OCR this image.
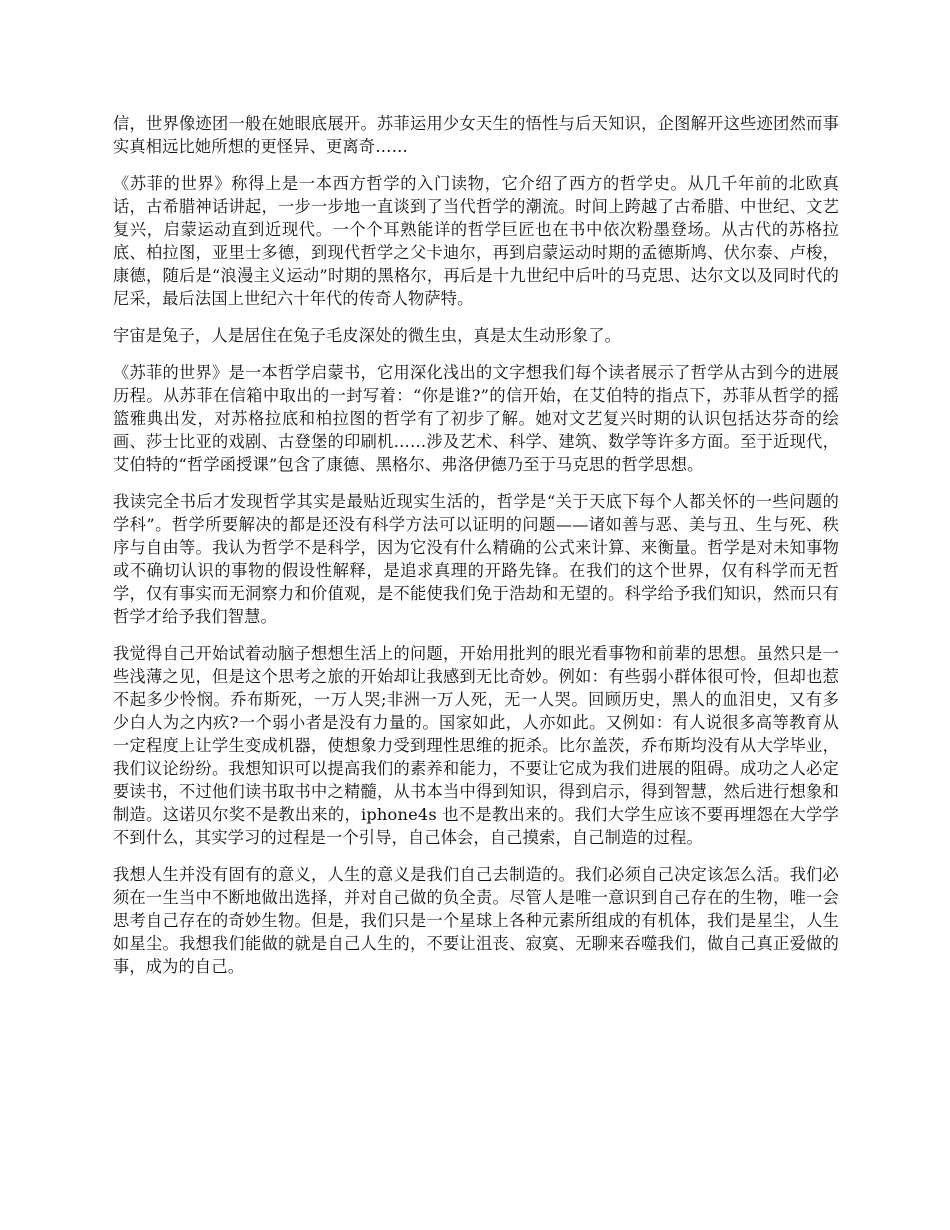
信，世界像迹团一般在她眼底展开。苏菲运用少女天生的悟性与后天知识，企图解开这些迹团然而事实真相远比她所想的更怪异、更离奇……

《苏菲的世界》称得上是一本西方哲学的入门读物，它介绍了西方的哲学史。从几千年前的北欧真话，古希腊神话讲起，一步一步地一直谈到了当代哲学的潮流。时间上跨越了古希腊、中世纪、文艺复兴，启蒙运动直到近现代。一个个耳熟能详的哲学巨匠也在书中依次粉墨登场。从古代的苏格拉底、柏拉图，亚里士多德，到现代哲学之父卡迪尔，再到启蒙运动时期的孟德斯鸠、伏尔泰、卢梭，康德，随后是“浪漫主义运动”时期的黑格尔，再后是十九世纪中后叶的马克思、达尔文以及同时代的尼采，最后法国上世纪六十年代的传奇人物萨特。

宇宙是兔子，人是居住在兔子毛皮深处的微生虫，真是太生动形象了。

《苏菲的世界》是一本哲学启蒙书，它用深化浅出的文字想我们每个读者展示了哲学从古到今的进展历程。从苏菲在信箱中取出的一封写着：“你是谁?”的信开始，在艾伯特的指点下，苏菲从哲学的摇篮雅典出发，对苏格拉底和柏拉图的哲学有了初步了解。她对文艺复兴时期的认识包括达芬奇的绘画、莎士比亚的戏剧、古登堡的印刷机……涉及艺术、科学、建筑、数学等许多方面。至于近现代，艾伯特的“哲学函授课”包含了康德、黑格尔、弗洛伊德乃至于马克思的哲学思想。

我读完全书后才发现哲学其实是最贴近现实生活的，哲学是“关于天底下每个人都关怀的一些问题的学科”。哲学所要解决的都是还没有科学方法可以证明的问题——诸如善与恶、美与丑、生与死、秩序与自由等。我认为哲学不是科学，因为它没有什么精确的公式来计算、来衡量。哲学是对未知事物或不确切认识的事物的假设性解释，是追求真理的开路先锋。在我们的这个世界，仅有科学而无哲学，仅有事实而无洞察力和价值观，是不能使我们免于浩劫和无望的。科学给予我们知识，然而只有哲学才给予我们智慧。

我觉得自己开始试着动脑子想想生活上的问题，开始用批判的眼光看事物和前辈的思想。虽然只是一些浅薄之见，但是这个思考之旅的开始却让我感到无比奇妙。例如：有些弱小群体很可怜，但却也惹不起多少怜悯。乔布斯死，一万人哭;非洲一万人死，无一人哭。回顾历史，黑人的血泪史，又有多少白人为之内疚?一个弱小者是没有力量的。国家如此，人亦如此。又例如：有人说很多高等教育从一定程度上让学生变成机器，使想象力受到理性思维的扼杀。比尔盖茨，乔布斯均没有从大学毕业，我们议论纷纷。我想知识可以提高我们的素养和能力，不要让它成为我们进展的阻碍。成功之人必定要读书，不过他们读书取书中之精髓，从书本当中得到知识，得到启示，得到智慧，然后进行想象和制造。这诺贝尔奖不是教出来的，iphone4s 也不是教出来的。我们大学生应该不要再埋怨在大学学不到什么，其实学习的过程是一个引导，自己体会，自己摸索，自己制造的过程。

我想人生并没有固有的意义，人生的意义是我们自己去制造的。我们必须自己决定该怎么活。我们必须在一生当中不断地做出选择，并对自己做的负全责。尽管人是唯一意识到自己存在的生物，唯一会思考自己存在的奇妙生物。但是，我们只是一个星球上各种元素所组成的有机体，我们是星尘，人生如星尘。我想我们能做的就是自己人生的，不要让沮丧、寂寞、无聊来吞噬我们，做自己真正爱做的事，成为的自己。
